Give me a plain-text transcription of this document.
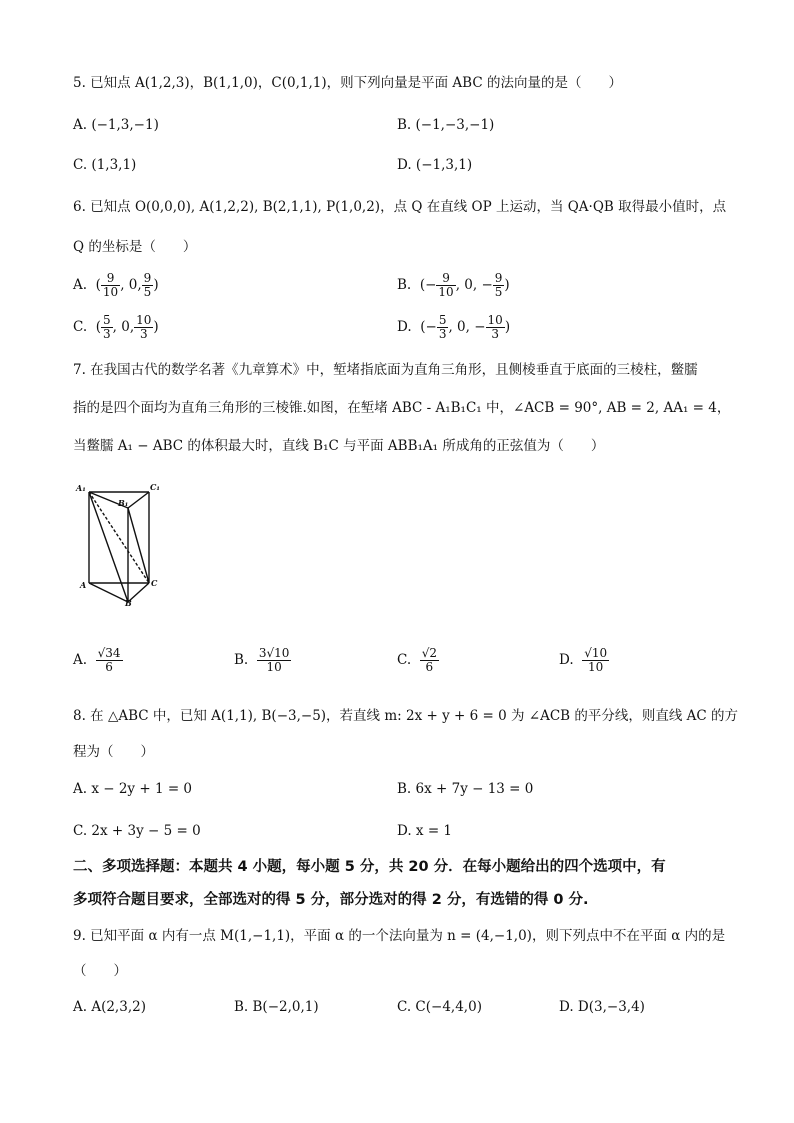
5. 已知点 A(1,2,3)，B(1,1,0)，C(0,1,1)，则下列向量是平面 ABC 的法向量的是（　　）
A. (−1,3,−1)	B. (−1,−3,−1)
C. (1,3,1)	D. (−1,3,1)
6. 已知点 O(0,0,0), A(1,2,2), B(2,1,1), P(1,0,2)，点 Q 在直线 OP 上运动，当 QA·QB 取得最小值时，点
Q 的坐标是（　　）
A. ( $\frac{9}{10}$ , 0, $\frac{9}{5}$ )	B. (− $\frac{9}{10}$ , 0, − $\frac{9}{5}$ )
C. ( $\frac{5}{3}$ , 0, $\frac{10}{3}$ )	D. (− $\frac{5}{3}$ , 0, − $\frac{10}{3}$ )
7. 在我国古代的数学名著《九章算术》中，堑堵指底面为直角三角形，且侧棱垂直于底面的三棱柱，鳖臑
指的是四个面均为直角三角形的三棱锥.如图，在堑堵 ABC - A₁B₁C₁ 中，∠ACB = 90°, AB = 2, AA₁ = 4，
当鳖臑 A₁ − ABC 的体积最大时，直线 B₁C 与平面 ABB₁A₁ 所成角的正弦值为（　　）
A₁
B₁
C₁
A	C
B
A. $\frac{√34}{6}$	B. $\frac{3√10}{10}$	C. $\frac{√2}{6}$	D. $\frac{√10}{10}$
8. 在 △ABC 中，已知 A(1,1), B(−3,−5)，若直线 m: 2x + y + 6 = 0 为 ∠ACB 的平分线，则直线 AC 的方
程为（　　）
A. x − 2y + 1 = 0	B. 6x + 7y − 13 = 0
C. 2x + 3y − 5 = 0	D. x = 1
二、多项选择题：本题共 4 小题，每小题 5 分，共 20 分．在每小题给出的四个选项中，有
多项符合题目要求，全部选对的得 5 分，部分选对的得 2 分，有选错的得 0 分.
9. 已知平面 α 内有一点 M(1,−1,1)，平面 α 的一个法向量为 n = (4,−1,0)，则下列点中不在平面 α 内的是
（　　）
A. A(2,3,2)	B. B(−2,0,1)	C. C(−4,4,0)	D. D(3,−3,4)
